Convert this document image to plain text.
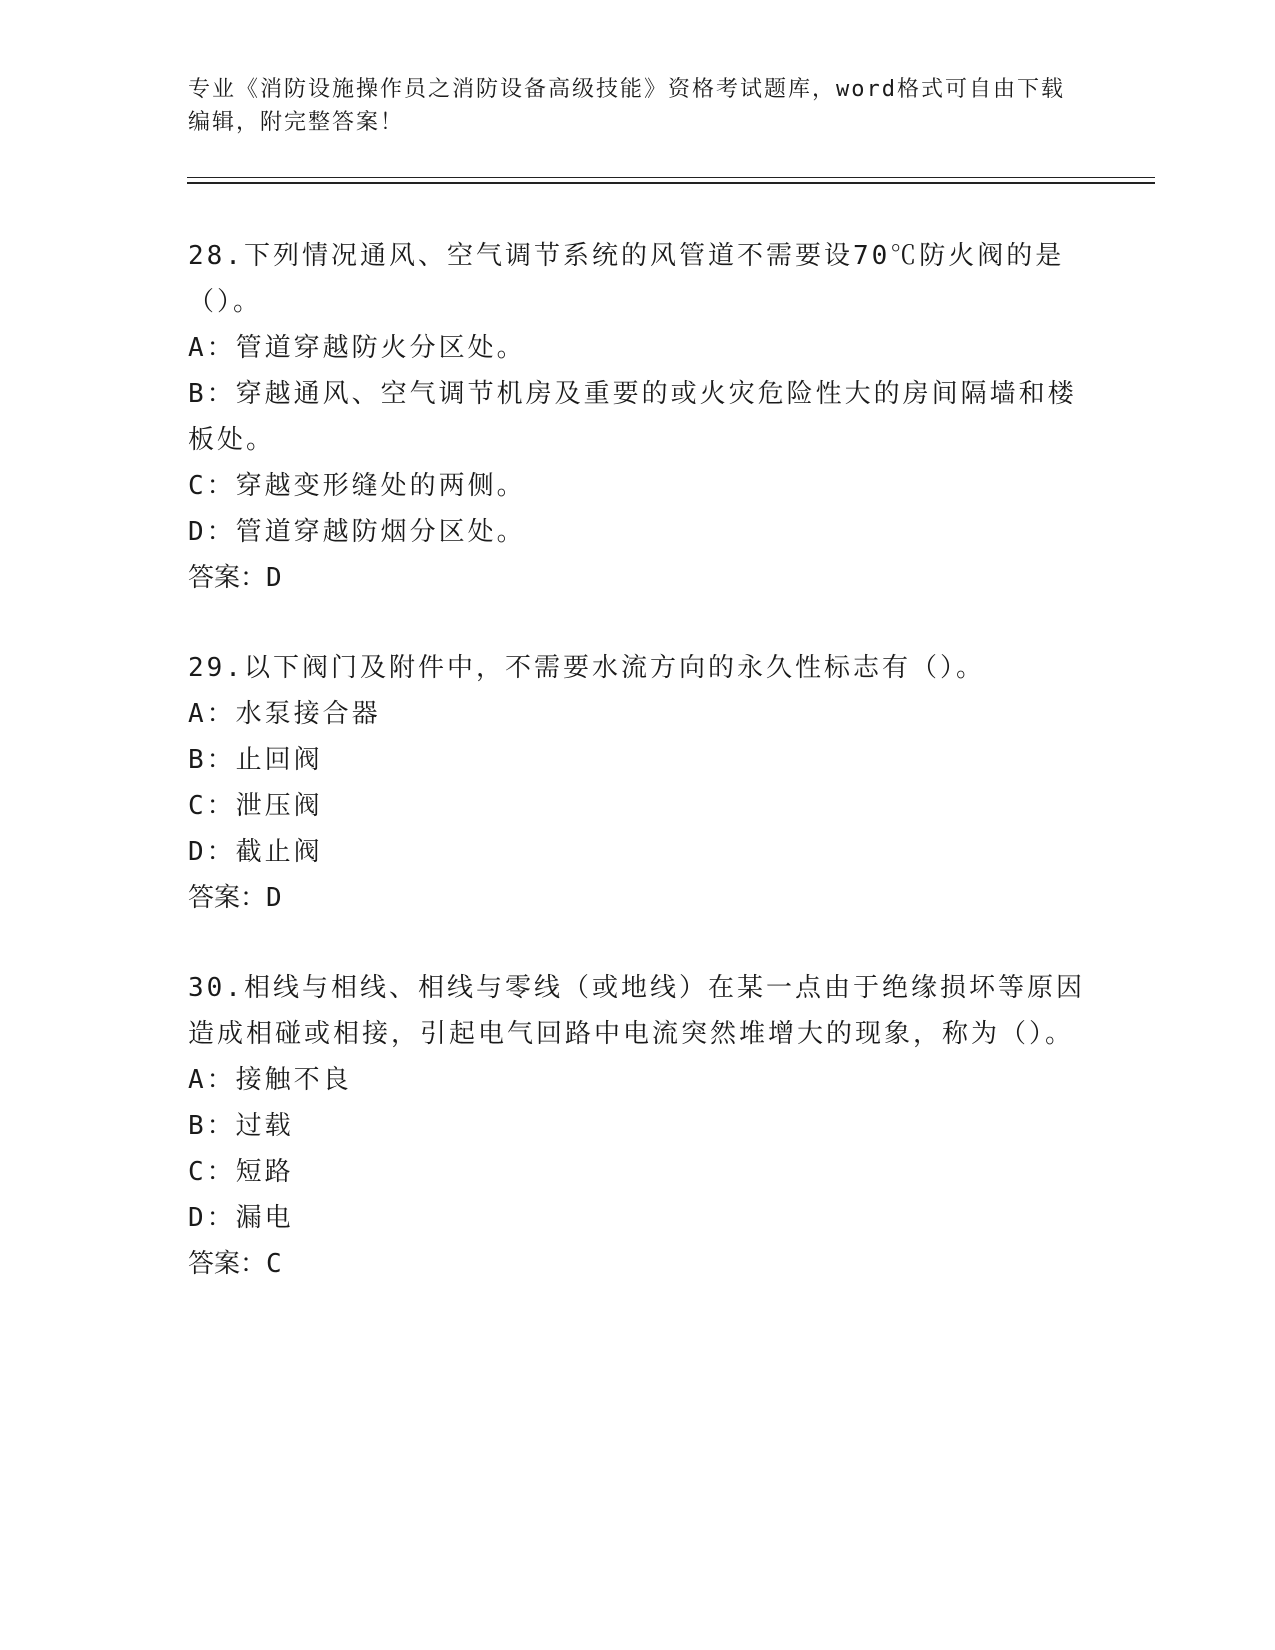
专业《消防设施操作员之消防设备高级技能》资格考试题库，word格式可自由下载编辑，附完整答案！

28.下列情况通风、空气调节系统的风管道不需要设70℃防火阀的是（）。

A：管道穿越防火分区处。

B：穿越通风、空气调节机房及重要的或火灾危险性大的房间隔墙和楼板处。

C：穿越变形缝处的两侧。

D：管道穿越防烟分区处。

答案：D

29.以下阀门及附件中，不需要水流方向的永久性标志有（）。

A：水泵接合器

B：止回阀

C：泄压阀

D：截止阀

答案：D

30.相线与相线、相线与零线（或地线）在某一点由于绝缘损坏等原因造成相碰或相接，引起电气回路中电流突然堆增大的现象，称为（）。

A：接触不良

B：过载

C：短路

D：漏电

答案：C
